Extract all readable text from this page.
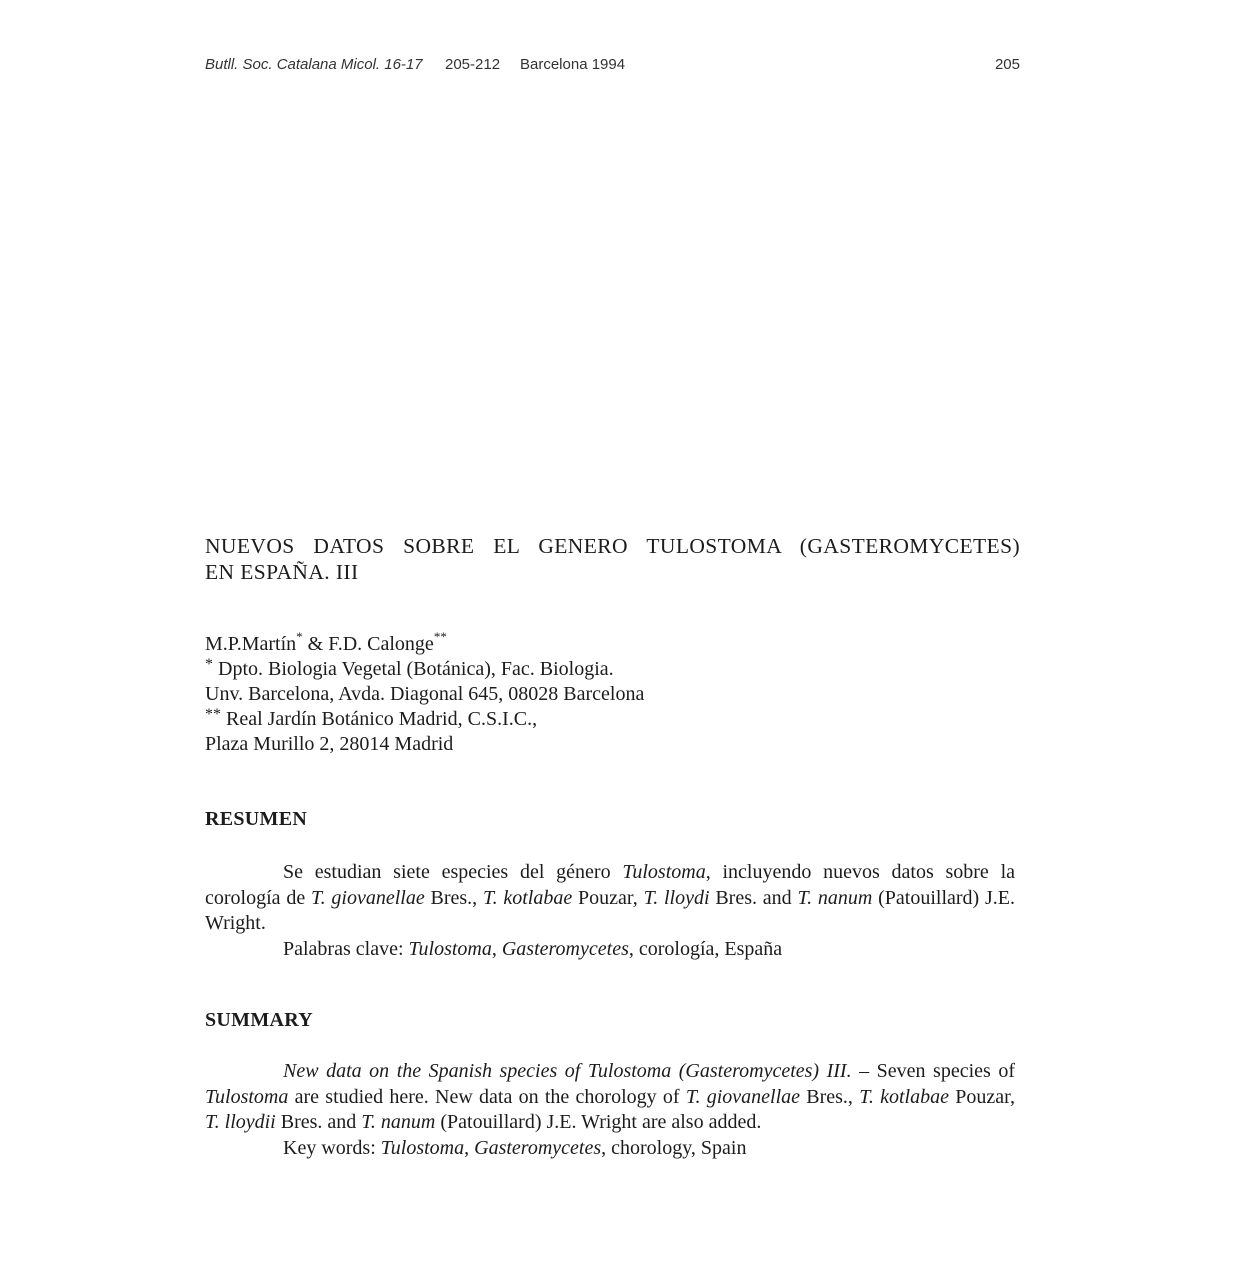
Butll. Soc. Catalana Micol. 16-17 205-212 Barcelona 1994	205
NUEVOS DATOS SOBRE EL GENERO TULOSTOMA (GASTEROMYCETES)
EN ESPAÑA. III
M.P.Martín* & F.D. Calonge**
* Dpto. Biologia Vegetal (Botánica), Fac. Biologia.
Unv. Barcelona, Avda. Diagonal 645, 08028 Barcelona
** Real Jardín Botánico Madrid, C.S.I.C.,
Plaza Murillo 2, 28014 Madrid
RESUMEN

Se estudian siete especies del género Tulostoma, incluyendo nuevos datos sobre la corología de T. giovanellae Bres., T. kotlabae Pouzar, T. lloydi Bres. and T. nanum (Patouillard) J.E. Wright.

Palabras clave: Tulostoma, Gasteromycetes, corología, España

SUMMARY

New data on the Spanish species of Tulostoma (Gasteromycetes) III. – Seven species of Tulostoma are studied here. New data on the chorology of T. giovanellae Bres., T. kotlabae Pouzar, T. lloydii Bres. and T. nanum (Patouillard) J.E. Wright are also added.

Key words: Tulostoma, Gasteromycetes, chorology, Spain
